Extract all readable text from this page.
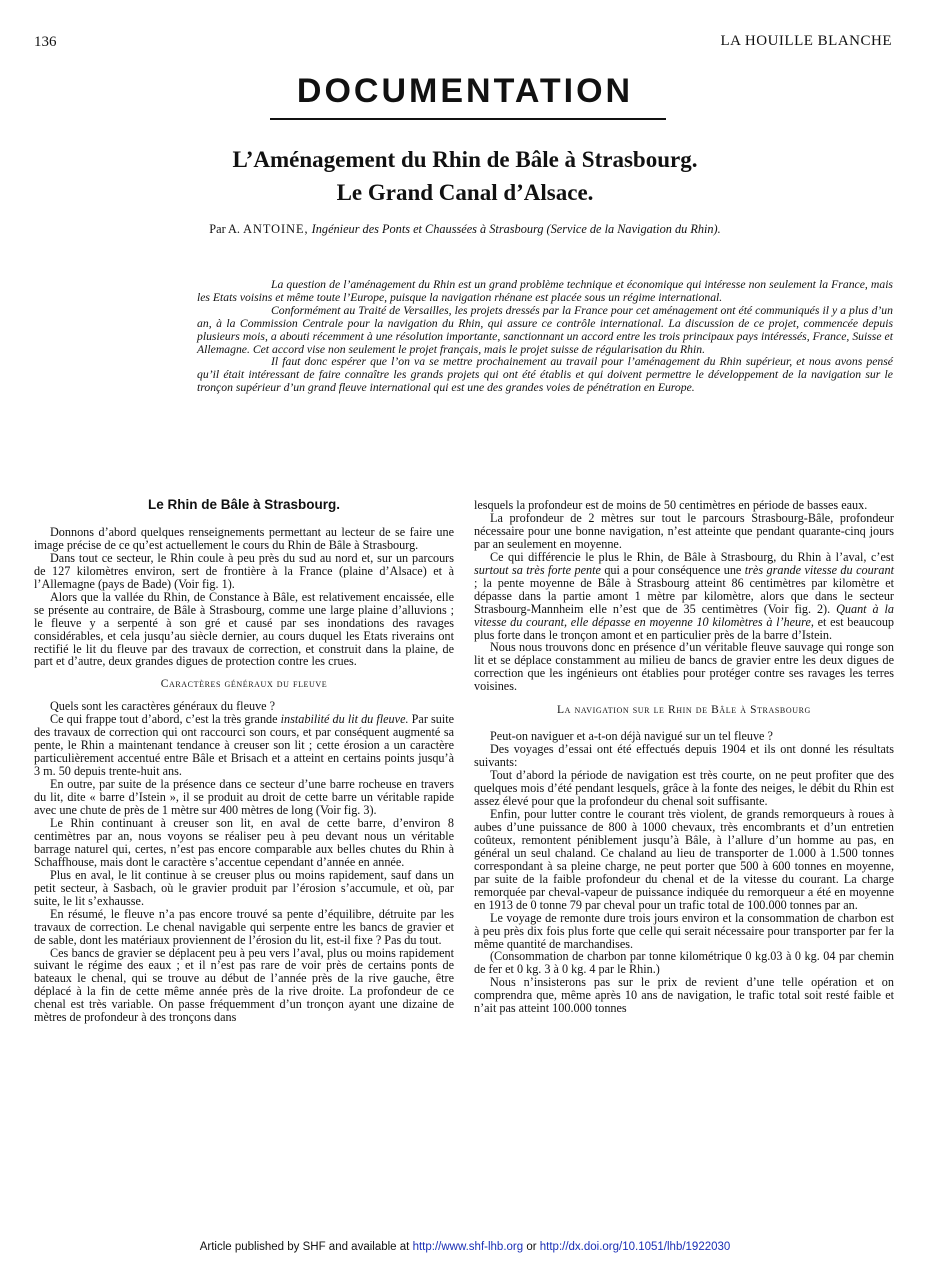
136	LA HOUILLE BLANCHE
DOCUMENTATION
L’Aménagement du Rhin de Bâle à Strasbourg.
Le Grand Canal d’Alsace.
Par A. ANTOINE, Ingénieur des Ponts et Chaussées à Strasbourg (Service de la Navigation du Rhin).

La question de l’aménagement du Rhin est un grand problème technique et économique qui intéresse non seulement la France, mais les Etats voisins et même toute l’Europe, puisque la navigation rhénane est placée sous un régime international.

Conformément au Traité de Versailles, les projets dressés par la France pour cet aménagement ont été communiqués il y a plus d’un an, à la Commission Centrale pour la navigation du Rhin, qui assure ce contrôle international. La discussion de ce projet, commencée depuis plusieurs mois, a abouti récemment à une résolution importante, sanctionnant un accord entre les trois principaux pays intéressés, France, Suisse et Allemagne. Cet accord vise non seulement le projet français, mais le projet suisse de régularisation du Rhin.

Il faut donc espérer que l’on va se mettre prochainement au travail pour l’aménagement du Rhin supérieur, et nous avons pensé qu’il était intéressant de faire connaître les grands projets qui ont été établis et qui doivent permettre le développement de la navigation sur le tronçon supérieur d’un grand fleuve international qui est une des grandes voies de pénétration en Europe.

Le Rhin de Bâle à Strasbourg.

Donnons d’abord quelques renseignements permettant au lecteur de se faire une image précise de ce qu’est actuellement le cours du Rhin de Bâle à Strasbourg.

Dans tout ce secteur, le Rhin coule à peu près du sud au nord et, sur un parcours de 127 kilomètres environ, sert de frontière à la France (plaine d’Alsace) et à l’Allemagne (pays de Bade) (Voir fig. 1).

Alors que la vallée du Rhin, de Constance à Bâle, est relativement encaissée, elle se présente au contraire, de Bâle à Strasbourg, comme une large plaine d’alluvions ; le fleuve y a serpenté à son gré et causé par ses inondations des ravages considérables, et cela jusqu’au siècle dernier, au cours duquel les Etats riverains ont rectifié le lit du fleuve par des travaux de correction, et construit dans la plaine, de part et d’autre, deux grandes digues de protection contre les crues.

Caractères généraux du fleuve

Quels sont les caractères généraux du fleuve ?

Ce qui frappe tout d’abord, c’est la très grande instabilité du lit du fleuve. Par suite des travaux de correction qui ont raccourci son cours, et par conséquent augmenté sa pente, le Rhin a maintenant tendance à creuser son lit ; cette érosion a un caractère particulièrement accentué entre Bâle et Brisach et a atteint en certains points jusqu’à 3 m. 50 depuis trente-huit ans.

En outre, par suite de la présence dans ce secteur d’une barre rocheuse en travers du lit, dite « barre d’Istein », il se produit au droit de cette barre un véritable rapide avec une chute de près de 1 mètre sur 400 mètres de long (Voir fig. 3).

Le Rhin continuant à creuser son lit, en aval de cette barre, d’environ 8 centimètres par an, nous voyons se réaliser peu à peu devant nous un véritable barrage naturel qui, certes, n’est pas encore comparable aux belles chutes du Rhin à Schaffhouse, mais dont le caractère s’accentue cependant d’année en année.

Plus en aval, le lit continue à se creuser plus ou moins rapidement, sauf dans un petit secteur, à Sasbach, où le gravier produit par l’érosion s’accumule, et où, par suite, le lit s’exhausse.

En résumé, le fleuve n’a pas encore trouvé sa pente d’équilibre, détruite par les travaux de correction. Le chenal navigable qui serpente entre les bancs de gravier et de sable, dont les matériaux proviennent de l’érosion du lit, est-il fixe ? Pas du tout.

Ces bancs de gravier se déplacent peu à peu vers l’aval, plus ou moins rapidement suivant le régime des eaux ; et il n’est pas rare de voir près de certains ponts de bateaux le chenal, qui se trouve au début de l’année près de la rive gauche, être déplacé à la fin de cette même année près de la rive droite. La profondeur de ce chenal est très variable. On passe fréquemment d’un tronçon ayant une dizaine de mètres de profondeur à des tronçons dans

lesquels la profondeur est de moins de 50 centimètres en période de basses eaux.

La profondeur de 2 mètres sur tout le parcours Strasbourg-Bâle, profondeur nécessaire pour une bonne navigation, n’est atteinte que pendant quarante-cinq jours par an seulement en moyenne.

Ce qui différencie le plus le Rhin, de Bâle à Strasbourg, du Rhin à l’aval, c’est surtout sa très forte pente qui a pour conséquence une très grande vitesse du courant ; la pente moyenne de Bâle à Strasbourg atteint 86 centimètres par kilomètre et dépasse dans la partie amont 1 mètre par kilomètre, alors que dans le secteur Strasbourg-Mannheim elle n’est que de 35 centimètres (Voir fig. 2). Quant à la vitesse du courant, elle dépasse en moyenne 10 kilomètres à l’heure, et est beaucoup plus forte dans le tronçon amont et en particulier près de la barre d’Istein.

Nous nous trouvons donc en présence d’un véritable fleuve sauvage qui ronge son lit et se déplace constamment au milieu de bancs de gravier entre les deux digues de correction que les ingénieurs ont établies pour protéger contre ses ravages les terres voisines.

La navigation sur le Rhin de Bâle à Strasbourg

Peut-on naviguer et a-t-on déjà navigué sur un tel fleuve ?

Des voyages d’essai ont été effectués depuis 1904 et ils ont donné les résultats suivants:

Tout d’abord la période de navigation est très courte, on ne peut profiter que des quelques mois d’été pendant lesquels, grâce à la fonte des neiges, le débit du Rhin est assez élevé pour que la profondeur du chenal soit suffisante.

Enfin, pour lutter contre le courant très violent, de grands remorqueurs à roues à aubes d’une puissance de 800 à 1000 chevaux, très encombrants et d’un entretien coûteux, remontent péniblement jusqu’à Bâle, à l’allure d’un homme au pas, en général un seul chaland. Ce chaland au lieu de transporter de 1.000 à 1.500 tonnes correspondant à sa pleine charge, ne peut porter que 500 à 600 tonnes en moyenne, par suite de la faible profondeur du chenal et de la vitesse du courant. La charge remorquée par cheval-vapeur de puissance indiquée du remorqueur a été en moyenne en 1913 de 0 tonne 79 par cheval pour un trafic total de 100.000 tonnes par an.

Le voyage de remonte dure trois jours environ et la consommation de charbon est à peu près dix fois plus forte que celle qui serait nécessaire pour transporter par fer la même quantité de marchandises.

(Consommation de charbon par tonne kilométrique 0 kg.03 à 0 kg. 04 par chemin de fer et 0 kg. 3 à 0 kg. 4 par le Rhin.)

Nous n’insisterons pas sur le prix de revient d’une telle opération et on comprendra que, même après 10 ans de navigation, le trafic total soit resté faible et n’ait pas atteint 100.000 tonnes

Article published by SHF and available at http://www.shf-lhb.org or http://dx.doi.org/10.1051/lhb/1922030
